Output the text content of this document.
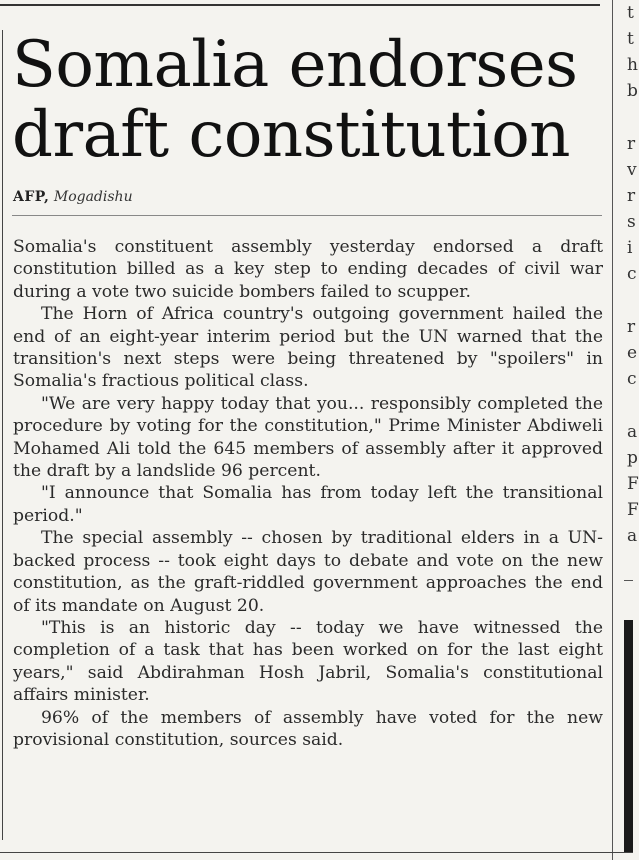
Somalia endorses
draft constitution
AFP, Mogadishu

Somalia's constituent assembly yesterday endorsed a draft constitution billed as a key step to ending decades of civil war during a vote two suicide bombers failed to scupper.

The Horn of Africa country's outgoing government hailed the end of an eight-year interim period but the UN warned that the transition's next steps were being threatened by "spoilers" in Somalia's fractious political class.

"We are very happy today that you... responsibly completed the procedure by voting for the constitution," Prime Minister Abdiweli Mohamed Ali told the 645 members of assembly after it approved the draft by a landslide 96 percent.

"I announce that Somalia has from today left the transitional period."

The special assembly -- chosen by traditional elders in a UN-backed process -- took eight days to debate and vote on the new constitution, as the graft-riddled government approaches the end of its mandate on August 20.

"This is an historic day -- today we have witnessed the completion of a task that has been worked on for the last eight years," said Abdirahman Hosh Jabril, Somalia's constitutional affairs minister.

96% of the members of assembly have voted for the new provisional constitution, sources said.

t
t
h
b
r
v
r
s
i
c
r
e
c
a
p
F
F
a
